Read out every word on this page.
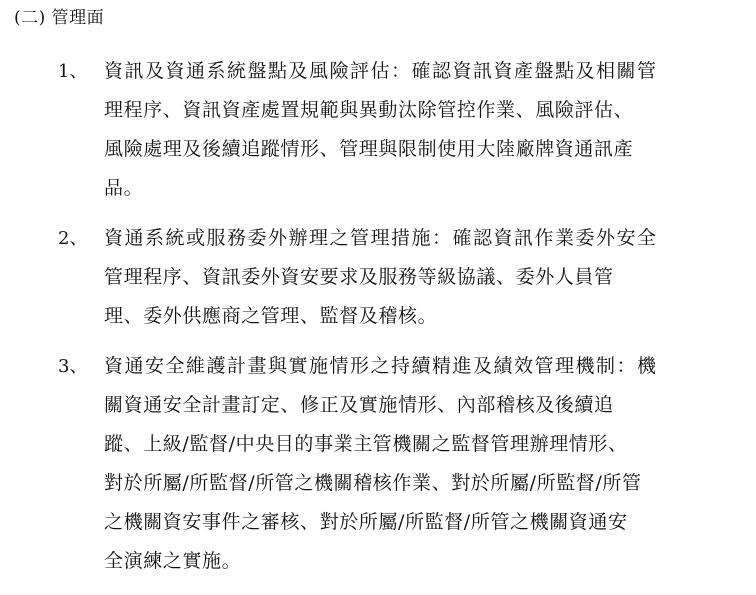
(二) 管理面
1、 資訊及資通系統盤點及風險評估：確認資訊資產盤點及相關管
理程序、資訊資產處置規範與異動汰除管控作業、風險評估、
風險處理及後續追蹤情形、管理與限制使用大陸廠牌資通訊產
品。
2、 資通系統或服務委外辦理之管理措施：確認資訊作業委外安全
管理程序、資訊委外資安要求及服務等級協議、委外人員管
理、委外供應商之管理、監督及稽核。
3、 資通安全維護計畫與實施情形之持續精進及績效管理機制：機
關資通安全計畫訂定、修正及實施情形、內部稽核及後續追
蹤、上級/監督/中央目的事業主管機關之監督管理辦理情形、
對於所屬/所監督/所管之機關稽核作業、對於所屬/所監督/所管
之機關資安事件之審核、對於所屬/所監督/所管之機關資通安
全演練之實施。
